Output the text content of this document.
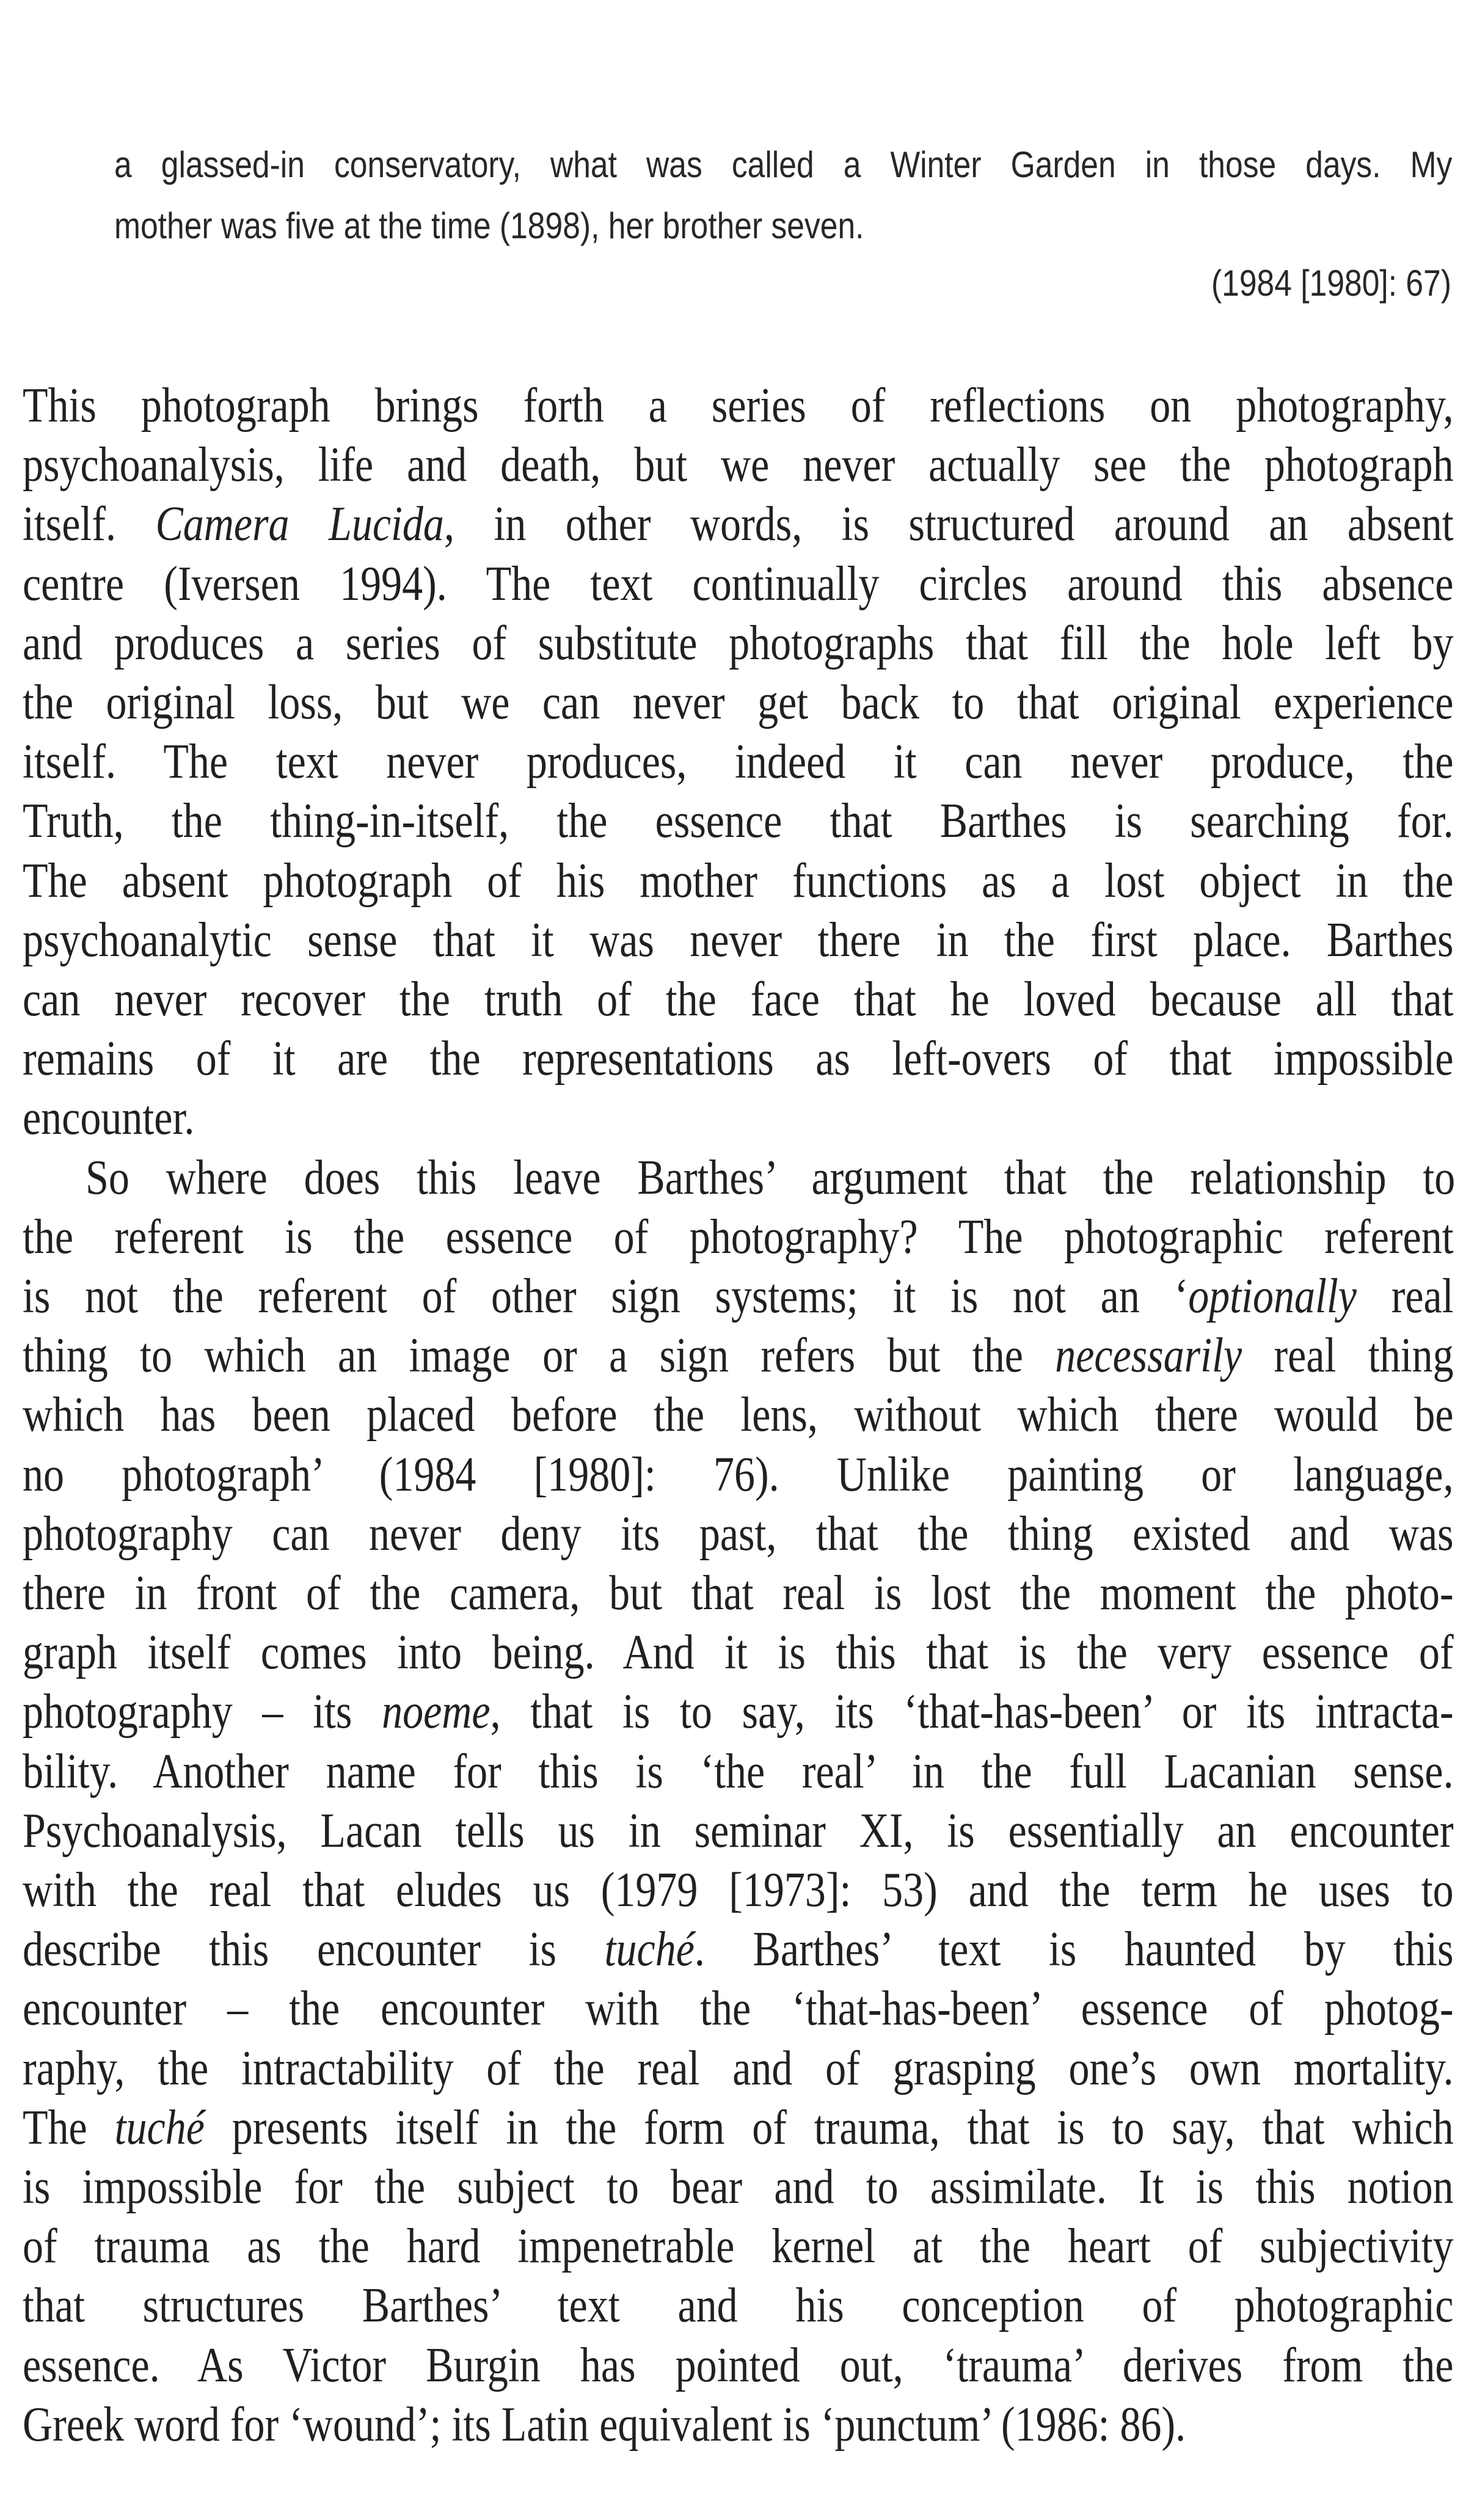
a glassed-in conservatory, what was called a Winter Garden in those days. My
mother was five at the time (1898), her brother seven.
(1984 [1980]: 67)
This photograph brings forth a series of reflections on photography,
psychoanalysis, life and death, but we never actually see the photograph
itself. Camera Lucida, in other words, is structured around an absent
centre (Iversen 1994). The text continually circles around this absence
and produces a series of substitute photographs that fill the hole left by
the original loss, but we can never get back to that original experience
itself. The text never produces, indeed it can never produce, the
Truth, the thing-in-itself, the essence that Barthes is searching for.
The absent photograph of his mother functions as a lost object in the
psychoanalytic sense that it was never there in the first place. Barthes
can never recover the truth of the face that he loved because all that
remains of it are the representations as left-overs of that impossible
encounter.
So where does this leave Barthes’ argument that the relationship to
the referent is the essence of photography? The photographic referent
is not the referent of other sign systems; it is not an ‘optionally real
thing to which an image or a sign refers but the necessarily real thing
which has been placed before the lens, without which there would be
no photograph’ (1984 [1980]: 76). Unlike painting or language,
photography can never deny its past, that the thing existed and was
there in front of the camera, but that real is lost the moment the photo-
graph itself comes into being. And it is this that is the very essence of
photography – its noeme, that is to say, its ‘that-has-been’ or its intracta-
bility. Another name for this is ‘the real’ in the full Lacanian sense.
Psychoanalysis, Lacan tells us in seminar XI, is essentially an encounter
with the real that eludes us (1979 [1973]: 53) and the term he uses to
describe this encounter is tuché. Barthes’ text is haunted by this
encounter – the encounter with the ‘that-has-been’ essence of photog-
raphy, the intractability of the real and of grasping one’s own mortality.
The tuché presents itself in the form of trauma, that is to say, that which
is impossible for the subject to bear and to assimilate. It is this notion
of trauma as the hard impenetrable kernel at the heart of subjectivity
that structures Barthes’ text and his conception of photographic
essence. As Victor Burgin has pointed out, ‘trauma’ derives from the
Greek word for ‘wound’; its Latin equivalent is ‘punctum’ (1986: 86).
